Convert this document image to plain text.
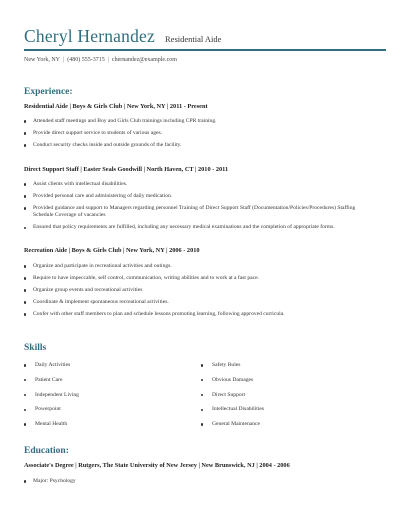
Cheryl Hernandez Residential Aide
New York, NY | (480) 555-3715 | chernandez@example.com
Experience:
Residential Aide | Boys & Girls Club | New York, NY | 2011 - Present
Attended staff meetings and Boy and Girls Club trainings including CPR training.
Provide direct support service to students of various ages.
Conduct security checks inside and outside grounds of the facility.
Direct Support Staff | Easter Seals Goodwill | North Haven, CT | 2010 - 2011
Assist clients with intellectual disabilities.
Provided personal care and administering of daily medication.
Provided guidance and support to Managers regarding personnel Training of Direct Support Staff (Documentation/Policies/Procedures) Staffing Schedule Coverage of vacancies
Ensured that policy requirements are fulfilled, including any necessary medical examinations and the completion of appropriate forms.
Recreation Aide | Boys & Girls Club | New York, NY | 2006 - 2010
Organize and participate in recreational activities and outings.
Require to have impeccable, self control, communication, writing abilities and to work at a fast pace.
Organize group events and recreational activities
Coordinate & implement spontaneous recreational activities.
Confer with other staff members to plan and schedule lessons promoting learning, following approved curricula.
Skills
Daily Activities
Patient Care
Independent Living
Powerpoint
Mental Health
Safety Rules
Obvious Damages
Direct Support
Intellectual Disabilities
General Maintenance
Education:
Associate's Degree | Rutgers, The State University of New Jersey | New Brunswick, NJ | 2004 - 2006
Major: Psychology
